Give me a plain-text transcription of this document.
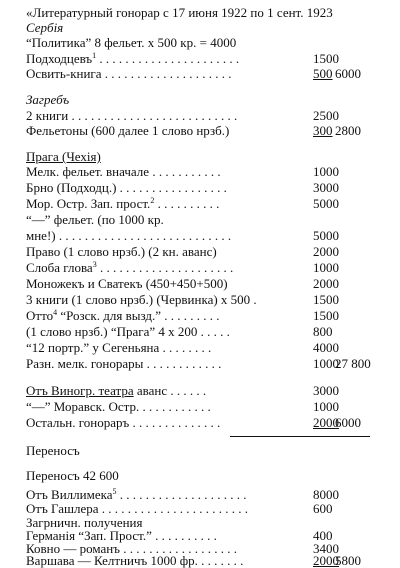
«Литературный гонорар с 17 июня 1922 по 1 сент. 1923
Сербія
“Политика” 8 фельет. х 500 кр. = 4000
Подходцевъ$^1$ . . . . . . . . . . . . . . . . . . . . . .	1500
Освить-книга . . . . . . . . . . . . . . . . . . . .	500 6000
Загребъ
2 книги . . . . . . . . . . . . . . . . . . . . . . . . . .	2500
Фельетоны (600 далее 1 слово нрзб.)	300 2800
Прага (Чехія)
Мелк. фельет. вначале . . . . . . . . . . .	1000
Брно (Подходц.) . . . . . . . . . . . . . . . . .	3000
Мор. Остр. Зап. прост.$^2$ . . . . . . . . . .	5000
“—” фельет. (по 1000 кр.
мне!) . . . . . . . . . . . . . . . . . . . . . . . . . . .	5000
Право (1 слово нрзб.) (2 кн. аванс)	2000
Слоба глова$^3$ . . . . . . . . . . . . . . . . . . . . .	1000
Моножекъ и Сватекъ (450+450+500)	2000
3 книги (1 слово нрзб.) (Червинка) х 500 .	1500
Отто$^4$ “Розск. для вызд.” . . . . . . . . .	1500
(1 слово нрзб.) “Прага” 4 х 200 . . . . .	800
“12 портр.” у Сегеньяна . . . . . . . .	4000
Разн. мелк. гонорары . . . . . . . . . . . .	1000
27 800
Отъ Виногр. театра аванс . . . . . .	3000
“—” Моравск. Остр. . . . . . . . . . . .	1000
Остальн. гонораръ . . . . . . . . . . . . . .	2000
6000
Переносъ
Переносъ 42 600
Отъ Виллимека$^5$ . . . . . . . . . . . . . . . . . . . .	8000
Отъ Гашлера . . . . . . . . . . . . . . . . . . . . . . .	600
Загрничн. получения
Германія “Зап. Прост.” . . . . . . . . . .	400
Ковно — романъ . . . . . . . . . . . . . . . . . .	3400
Варшава — Келтничъ 1000 фр. . . . . . . .	2000
5800
